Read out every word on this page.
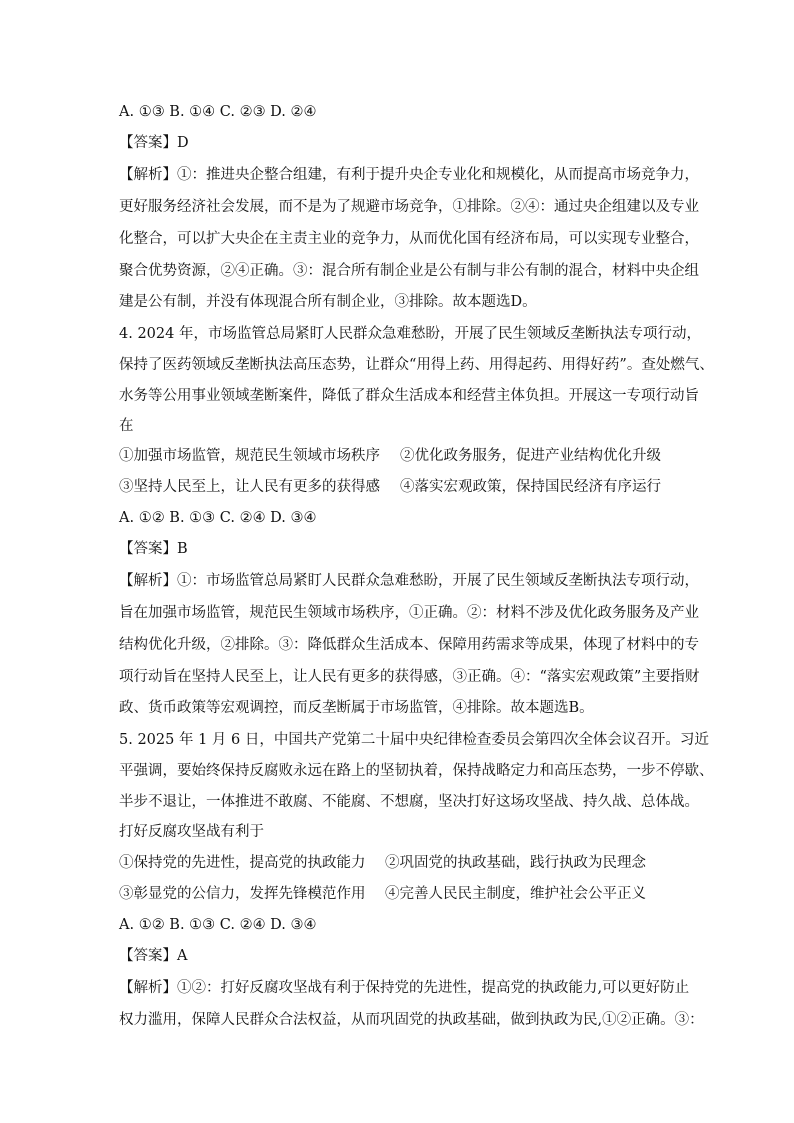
A. ①③ B. ①④ C. ②③ D. ②④
【答案】D
【解析】①：推进央企整合组建，有利于提升央企专业化和规模化，从而提高市场竞争力，
更好服务经济社会发展，而不是为了规避市场竞争，①排除。②④：通过央企组建以及专业
化整合，可以扩大央企在主责主业的竞争力，从而优化国有经济布局，可以实现专业整合，
聚合优势资源，②④正确。③：混合所有制企业是公有制与非公有制的混合，材料中央企组
建是公有制，并没有体现混合所有制企业，③排除。故本题选D。
4. 2024 年，市场监管总局紧盯人民群众急难愁盼，开展了民生领域反垄断执法专项行动，
保持了医药领域反垄断执法高压态势，让群众“用得上药、用得起药、用得好药”。查处燃气、
水务等公用事业领域垄断案件，降低了群众生活成本和经营主体负担。开展这一专项行动旨
在
①加强市场监管，规范民生领域市场秩序 ②优化政务服务，促进产业结构优化升级
③坚持人民至上，让人民有更多的获得感 ④落实宏观政策，保持国民经济有序运行
A. ①② B. ①③ C. ②④ D. ③④
【答案】B
【解析】①：市场监管总局紧盯人民群众急难愁盼，开展了民生领域反垄断执法专项行动，
旨在加强市场监管，规范民生领域市场秩序，①正确。②：材料不涉及优化政务服务及产业
结构优化升级，②排除。③：降低群众生活成本、保障用药需求等成果，体现了材料中的专
项行动旨在坚持人民至上，让人民有更多的获得感，③正确。④：“落实宏观政策”主要指财
政、货币政策等宏观调控，而反垄断属于市场监管，④排除。故本题选B。
5. 2025 年 1 月 6 日，中国共产党第二十届中央纪律检查委员会第四次全体会议召开。习近
平强调，要始终保持反腐败永远在路上的坚韧执着，保持战略定力和高压态势，一步不停歇、
半步不退让，一体推进不敢腐、不能腐、不想腐，坚决打好这场攻坚战、持久战、总体战。
打好反腐攻坚战有利于
①保持党的先进性，提高党的执政能力 ②巩固党的执政基础，践行执政为民理念
③彰显党的公信力，发挥先锋模范作用 ④完善人民民主制度，维护社会公平正义
A. ①② B. ①③ C. ②④ D. ③④
【答案】A
【解析】①②：打好反腐攻坚战有利于保持党的先进性，提高党的执政能力,可以更好防止
权力滥用，保障人民群众合法权益，从而巩固党的执政基础，做到执政为民,①②正确。③：
